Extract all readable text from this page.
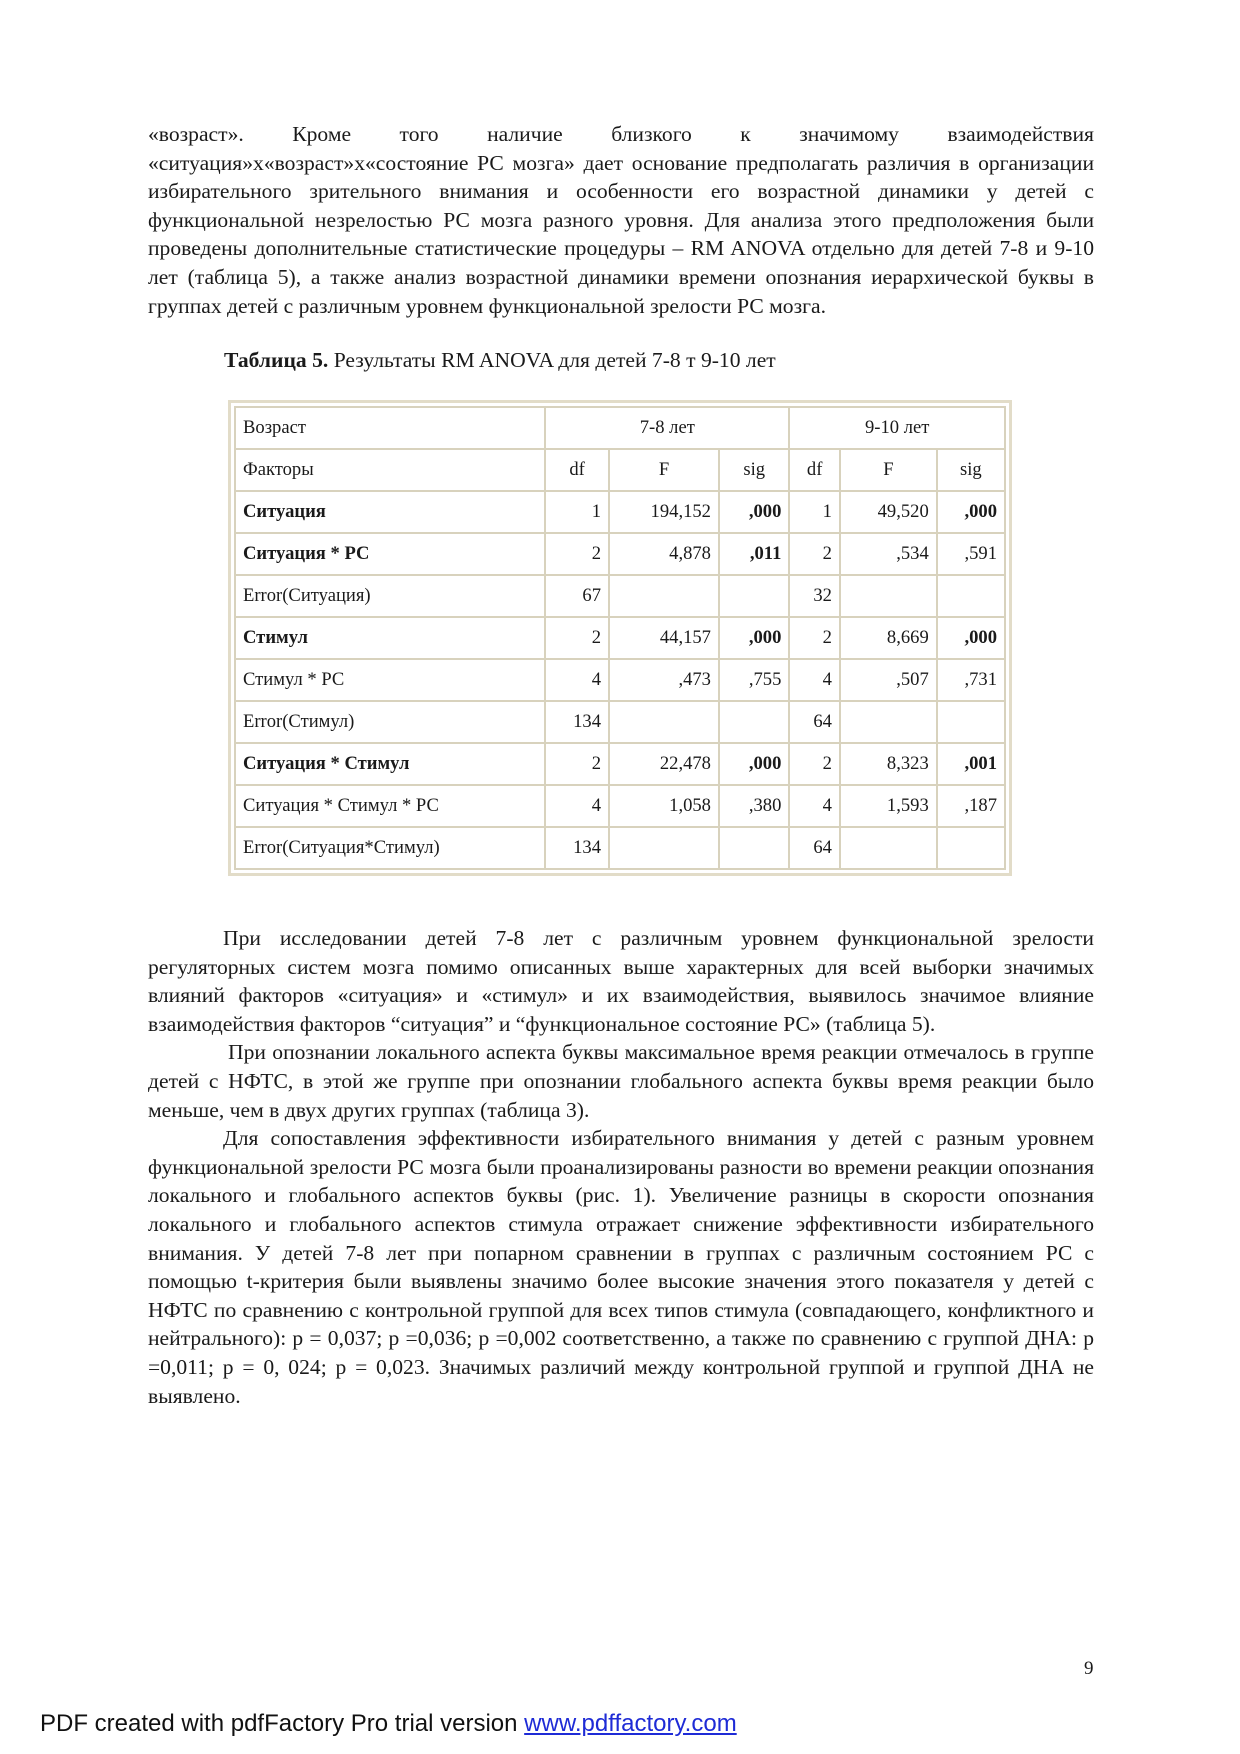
«возраст». Кроме того наличие близкого к значимому взаимодействия «ситуация»x«возраст»x«состояние РС мозга» дает основание предполагать различия в организации избирательного зрительного внимания и особенности его возрастной динамики у детей с функциональной незрелостью РС мозга разного уровня. Для анализа этого предположения были проведены дополнительные статистические процедуры – RM ANOVA отдельно для детей 7-8 и 9-10 лет (таблица 5), а также анализ возрастной динамики времени опознания иерархической буквы в группах детей с различным уровнем функциональной зрелости РС мозга.

Таблица 5. Результаты RM ANOVA для детей 7-8 т 9-10 лет
Возраст	7-8 лет			9-10 лет		
Факторы	df	F	sig	df	F	sig
Ситуация	1	194,152	,000	1	49,520	,000
Ситуация * РС	2	4,878	,011	2	,534	,591
Error(Ситуация)	67			32		
Стимул	2	44,157	,000	2	8,669	,000
Стимул * РС	4	,473	,755	4	,507	,731
Error(Стимул)	134			64		
Ситуация * Стимул	2	22,478	,000	2	8,323	,001
Ситуация * Стимул * РС	4	1,058	,380	4	1,593	,187
Error(Ситуация*Стимул)	134			64		

При исследовании детей 7-8 лет с различным уровнем функциональной зрелости регуляторных систем мозга помимо описанных выше характерных для всей выборки значимых влияний факторов «ситуация» и «стимул» и их взаимодействия, выявилось значимое влияние взаимодействия факторов “ситуация” и “функциональное состояние РС» (таблица 5).

При опознании локального аспекта буквы максимальное время реакции отмечалось в группе детей с НФТС, в этой же группе при опознании глобального аспекта буквы время реакции было меньше, чем в двух других группах (таблица 3).

Для сопоставления эффективности избирательного внимания у детей с разным уровнем функциональной зрелости РС мозга были проанализированы разности во времени реакции опознания локального и глобального аспектов буквы (рис. 1). Увеличение разницы в скорости опознания локального и глобального аспектов стимула отражает снижение эффективности избирательного внимания. У детей 7-8 лет при попарном сравнении в группах с различным состоянием РС с помощью t-критерия были выявлены значимо более высокие значения этого показателя у детей с НФТС по сравнению с контрольной группой для всех типов стимула (совпадающего, конфликтного и нейтрального): p = 0,037; p =0,036; p =0,002 соответственно, а также по сравнению с группой ДНА: p =0,011; p = 0, 024; p = 0,023. Значимых различий между контрольной группой и группой ДНА не выявлено.

9
PDF created with pdfFactory Pro trial version www.pdffactory.com
